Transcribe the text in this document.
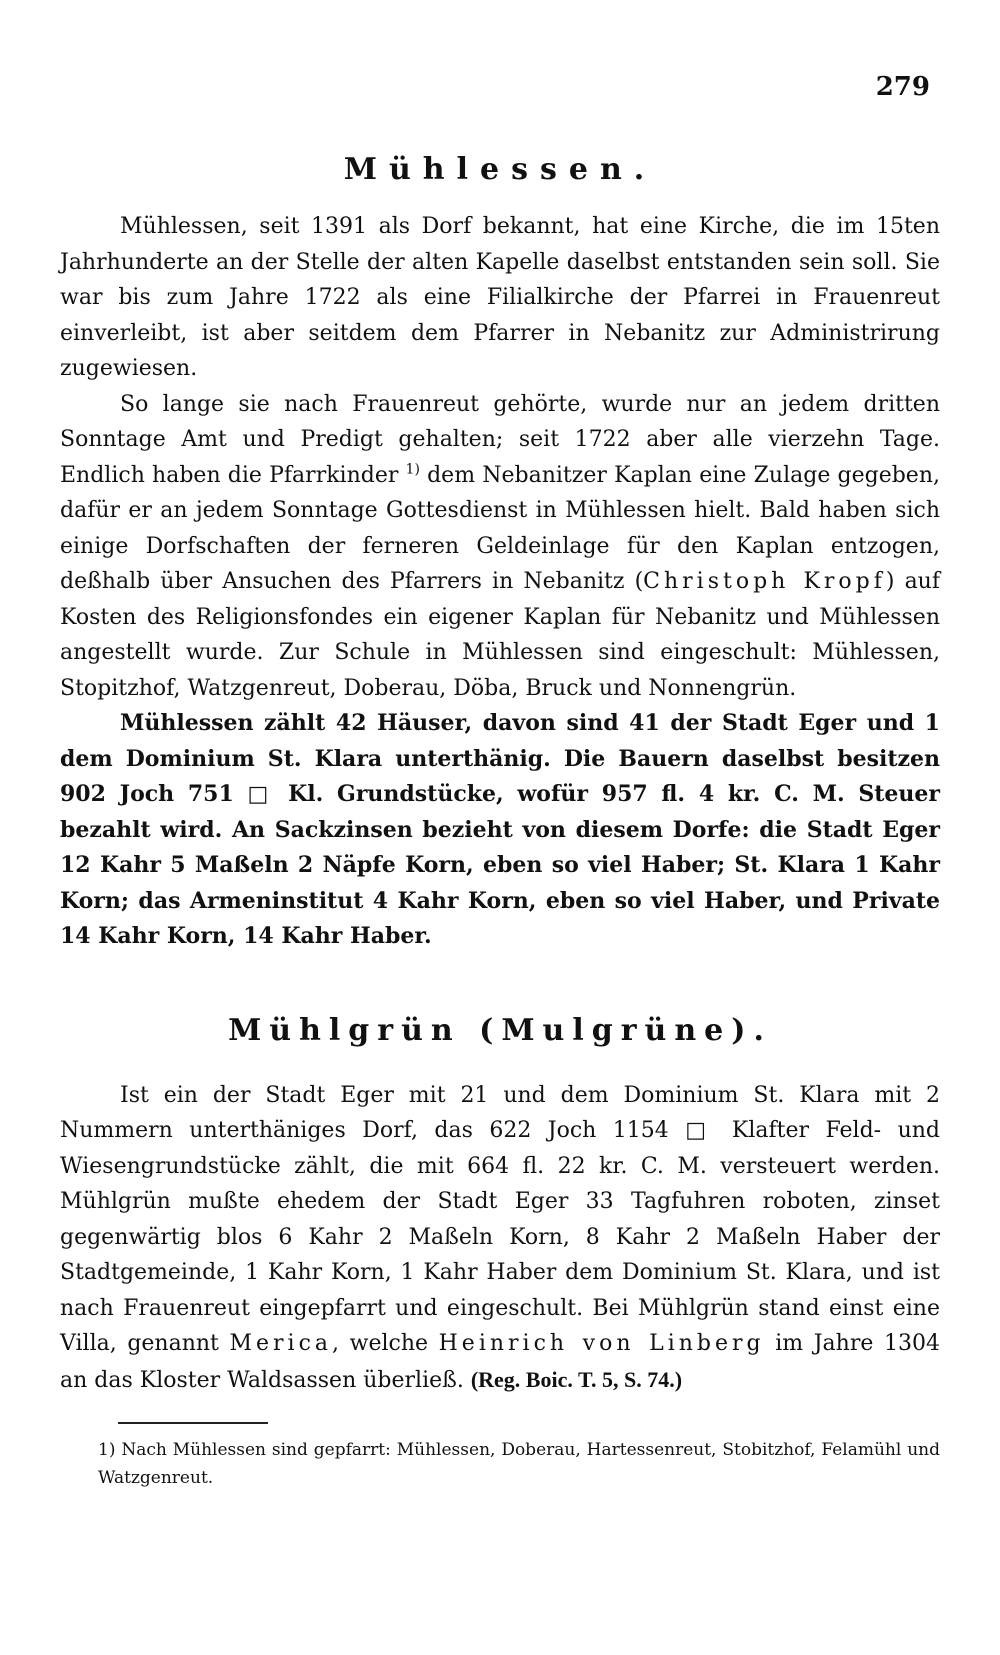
279
Mühlessen.

Mühlessen, seit 1391 als Dorf bekannt, hat eine Kirche, die im 15ten Jahrhunderte an der Stelle der alten Kapelle daselbst entstanden sein soll. Sie war bis zum Jahre 1722 als eine Filialkirche der Pfarrei in Frauenreut einverleibt, ist aber seitdem dem Pfarrer in Nebanitz zur Administrirung zugewiesen.

So lange sie nach Frauenreut gehörte, wurde nur an jedem dritten Sonntage Amt und Predigt gehalten; seit 1722 aber alle vierzehn Tage. Endlich haben die Pfarrkinder $^{1)}$ dem Nebanitzer Kaplan eine Zulage gegeben, dafür er an jedem Sonntage Gottesdienst in Mühlessen hielt. Bald haben sich einige Dorfschaften der ferneren Geldeinlage für den Kaplan entzogen, deßhalb über Ansuchen des Pfarrers in Nebanitz (Christoph Kropf) auf Kosten des Religionsfondes ein eigener Kaplan für Nebanitz und Mühlessen angestellt wurde. Zur Schule in Mühlessen sind eingeschult: Mühlessen, Stopitzhof, Watzgenreut, Doberau, Döba, Bruck und Nonnengrün.

Mühlessen zählt 42 Häuser, davon sind 41 der Stadt Eger und 1 dem Dominium St. Klara unterthänig. Die Bauern daselbst besitzen 902 Joch 751 □ Kl. Grundstücke, wofür 957 fl. 4 kr. C. M. Steuer bezahlt wird. An Sackzinsen bezieht von diesem Dorfe: die Stadt Eger 12 Kahr 5 Maßeln 2 Näpfe Korn, eben so viel Haber; St. Klara 1 Kahr Korn; das Armeninstitut 4 Kahr Korn, eben so viel Haber, und Private 14 Kahr Korn, 14 Kahr Haber.

Mühlgrün (Mulgrüne).

Ist ein der Stadt Eger mit 21 und dem Dominium St. Klara mit 2 Nummern unterthäniges Dorf, das 622 Joch 1154 □ Klafter Feld- und Wiesengrundstücke zählt, die mit 664 fl. 22 kr. C. M. versteuert werden. Mühlgrün mußte ehedem der Stadt Eger 33 Tagfuhren roboten, zinset gegenwärtig blos 6 Kahr 2 Maßeln Korn, 8 Kahr 2 Maßeln Haber der Stadtgemeinde, 1 Kahr Korn, 1 Kahr Haber dem Dominium St. Klara, und ist nach Frauenreut eingepfarrt und eingeschult. Bei Mühlgrün stand einst eine Villa, genannt Merica, welche Heinrich von Linberg im Jahre 1304 an das Kloster Waldsassen überließ. (Reg. Boic. T. 5, S. 74.)

1) Nach Mühlessen sind gepfarrt: Mühlessen, Doberau, Hartessenreut, Stobitzhof, Felamühl und Watzgenreut.
